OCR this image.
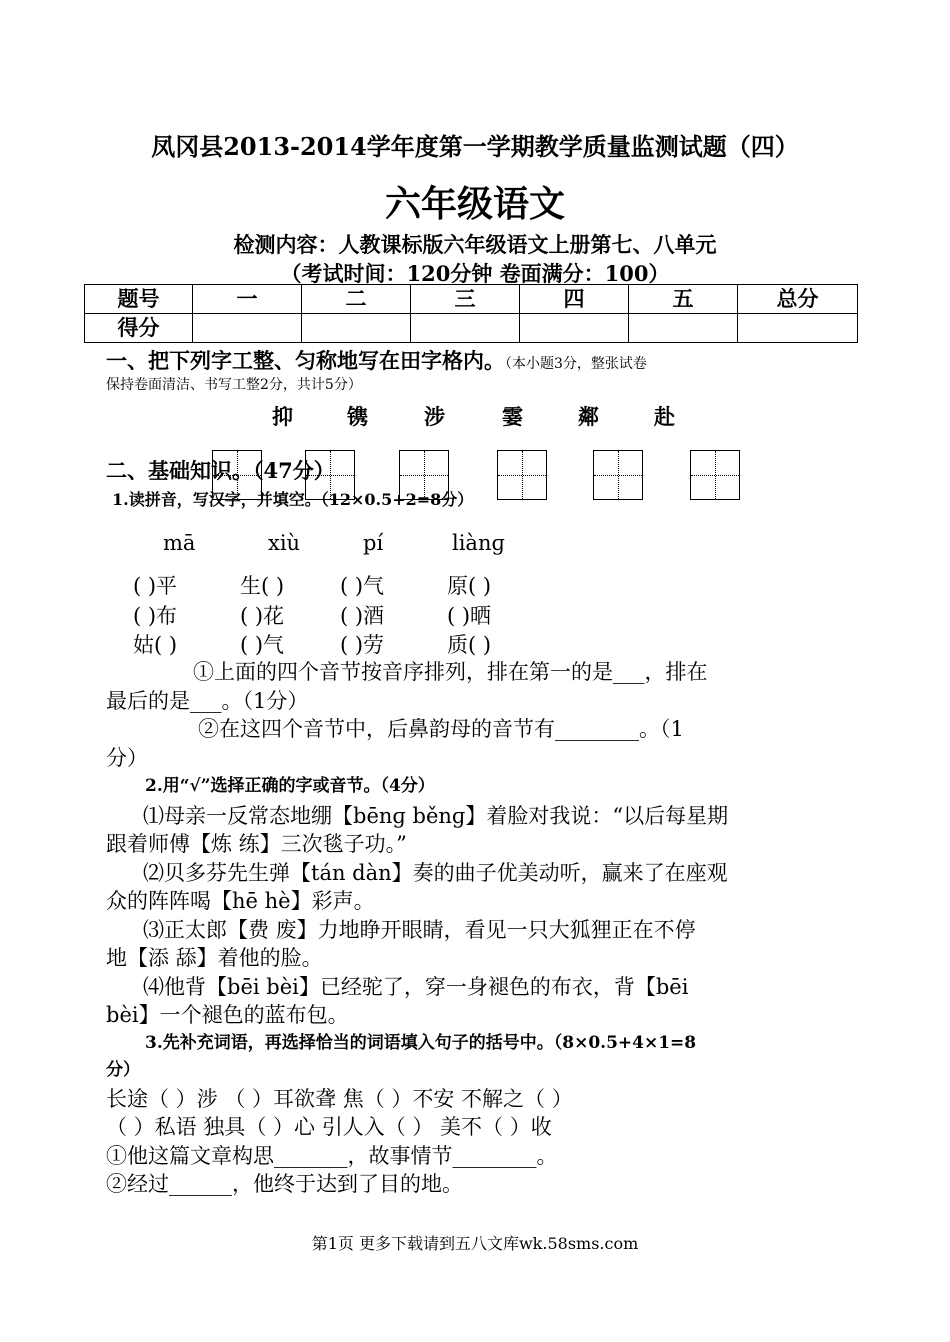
凤冈县2013-2014学年度第一学期教学质量监测试题（四）
六年级语文
检测内容：人教课标版六年级语文上册第七、八单元
（考试时间：120分钟 卷面满分：100）
题号	一	二	三	四	五	总分
得分						
一、把下列字工整、匀称地写在田字格内。（本小题3分，整张试卷
保持卷面清洁、书写工整2分，共计5分）
抑	镌	涉	霎	鄰	赴
二、基础知识。（47分）
1.读拼音，写汉字，并填空。（12×0.5+2=8分）
mā	xiù	pí	liànɡ
( )平	生( )	( )气	原( )
( )布	( )花	( )酒	( )晒
姑( )	( )气	( )劳	质( )
①上面的四个音节按音序排列，排在第一的是___，排在
最后的是___。（1分）
②在这四个音节中，后鼻韵母的音节有________。（1
分）
2.用“√”选择正确的字或音节。（4分）
⑴母亲一反常态地绷【bēnɡ běnɡ】着脸对我说：“以后每星期
跟着师傅【炼 练】三次毯子功。”
⑵贝多芬先生弹【tán dàn】奏的曲子优美动听，赢来了在座观
众的阵阵喝【hē hè】彩声。
⑶正太郎【费 废】力地睁开眼睛，看见一只大狐狸正在不停
地【添 舔】着他的脸。
⑷他背【bēi bèi】已经驼了，穿一身褪色的布衣，背【bēi
bèi】一个褪色的蓝布包。
3.先补充词语，再选择恰当的词语填入句子的括号中。（8×0.5+4×1=8
分）
长途（ ）涉 （ ）耳欲聋 焦（ ）不安 不解之（ ）
（ ）私语 独具（ ）心 引人入（ ） 美不（ ）收
①他这篇文章构思_______，故事情节________。
②经过______，他终于达到了目的地。
第1页 更多下载请到五八文库wk.58sms.com
